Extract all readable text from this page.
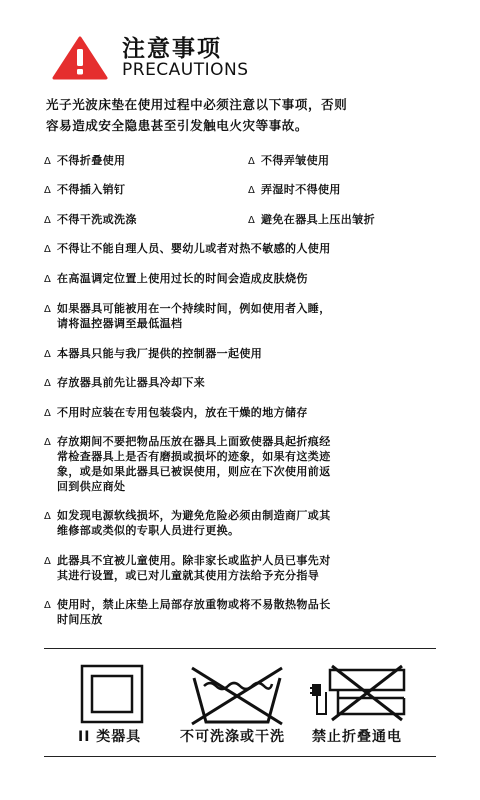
注意事项
PRECAUTIONS
光子光波床垫在使用过程中必须注意以下事项，否则
容易造成安全隐患甚至引发触电火灾等事故。
Δ 不得折叠使用	Δ 不得弄皱使用
Δ 不得插入销钉	Δ 弄湿时不得使用
Δ 不得干洗或洗涤	Δ 避免在器具上压出皱折
Δ 不得让不能自理人员、婴幼儿或者对热不敏感的人使用
Δ 在高温调定位置上使用过长的时间会造成皮肤烧伤
Δ 如果器具可能被用在一个持续时间，例如使用者入睡，
请将温控器调至最低温档
Δ 本器具只能与我厂提供的控制器一起使用
Δ 存放器具前先让器具冷却下来
Δ 不用时应装在专用包装袋内，放在干燥的地方储存
Δ 存放期间不要把物品压放在器具上面致使器具起折痕经
常检查器具上是否有磨损或损坏的迹象，如果有这类迹
象，或是如果此器具已被误使用，则应在下次使用前返
回到供应商处
Δ 如发现电源软线损坏，为避免危险必须由制造商厂或其
维修部或类似的专职人员进行更换。
Δ 此器具不宜被儿童使用。除非家长或监护人员已事先对
其进行设置，或已对儿童就其使用方法给予充分指导
Δ 使用时，禁止床垫上局部存放重物或将不易散热物品长
时间压放
II 类器具	不可洗涤或干洗 禁止折叠通电
